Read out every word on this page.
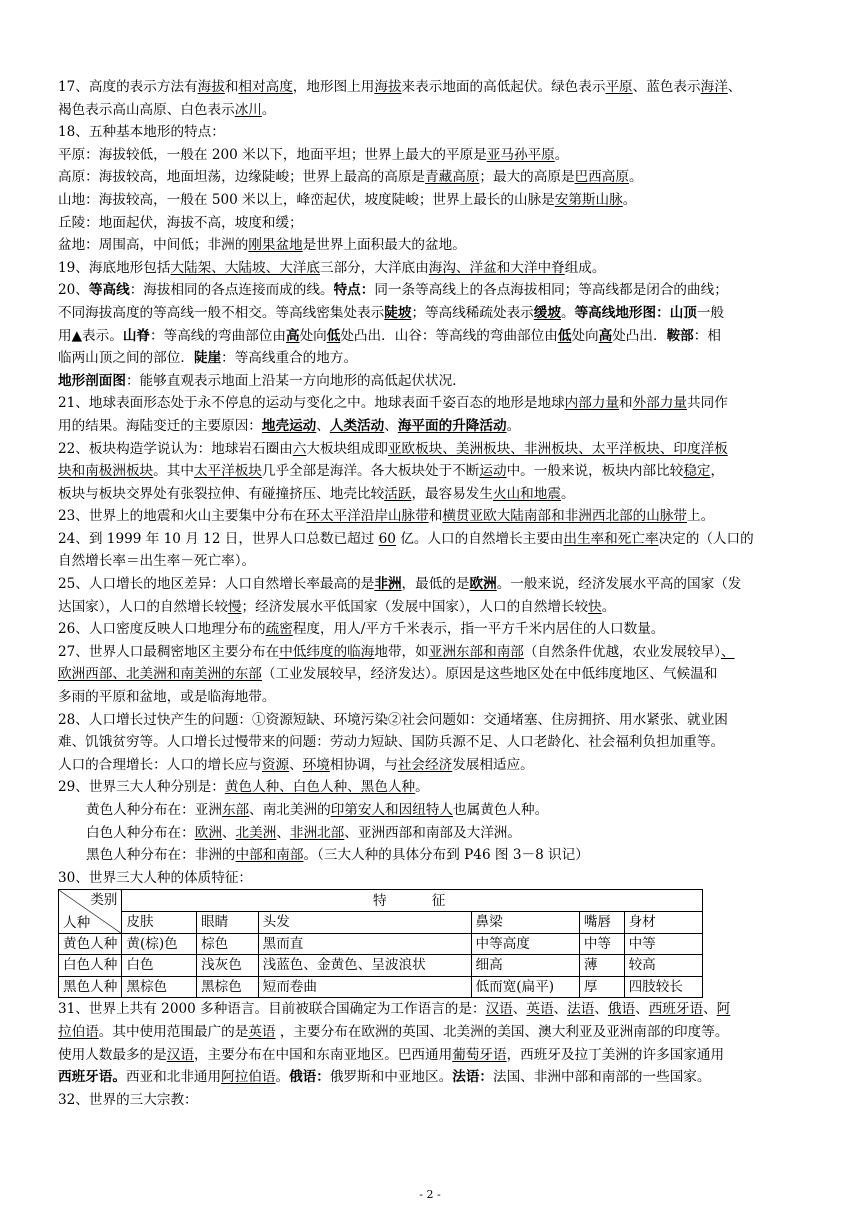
17、高度的表示方法有海拔和相对高度，地形图上用海拔来表示地面的高低起伏。绿色表示平原、蓝色表示海洋、
褐色表示高山高原、白色表示冰川。
18、五种基本地形的特点：
平原：海拔较低，一般在 200 米以下，地面平坦；世界上最大的平原是亚马孙平原。
高原：海拔较高，地面坦荡，边缘陡峻；世界上最高的高原是青藏高原；最大的高原是巴西高原。
山地：海拔较高，一般在 500 米以上，峰峦起伏，坡度陡峻；世界上最长的山脉是安第斯山脉。
丘陵：地面起伏，海拔不高，坡度和缓；
盆地：周围高，中间低；非洲的刚果盆地是世界上面积最大的盆地。
19、海底地形包括大陆架、大陆坡、大洋底三部分，大洋底由海沟、洋盆和大洋中脊组成。
20、等高线：海拔相同的各点连接而成的线。特点：同一条等高线上的各点海拔相同；等高线都是闭合的曲线；
不同海拔高度的等高线一般不相交。等高线密集处表示陡坡；等高线稀疏处表示缓坡。等高线地形图：山顶一般
用▲表示。山脊：等高线的弯曲部位由高处向低处凸出．山谷：等高线的弯曲部位由低处向高处凸出．鞍部：相
临两山顶之间的部位．陡崖：等高线重合的地方。
地形剖面图：能够直观表示地面上沿某一方向地形的高低起伏状况．
21、地球表面形态处于永不停息的运动与变化之中。地球表面千姿百态的地形是地球内部力量和外部力量共同作
用的结果。海陆变迁的主要原因：地壳运动、人类活动、海平面的升降活动。
22、板块构造学说认为：地球岩石圈由六大板块组成即亚欧板块、美洲板块、非洲板块、太平洋板块、印度洋板
块和南极洲板块。其中太平洋板块几乎全部是海洋。各大板块处于不断运动中。一般来说，板块内部比较稳定，
板块与板块交界处有张裂拉伸、有碰撞挤压、地壳比较活跃，最容易发生火山和地震。
23、世界上的地震和火山主要集中分布在环太平洋沿岸山脉带和横贯亚欧大陆南部和非洲西北部的山脉带上。
24、到 1999 年 10 月 12 日，世界人口总数已超过 60 亿。人口的自然增长主要由出生率和死亡率决定的（人口的
自然增长率＝出生率－死亡率）。
25、人口增长的地区差异：人口自然增长率最高的是非洲，最低的是欧洲。一般来说，经济发展水平高的国家（发
达国家），人口的自然增长较慢；经济发展水平低国家（发展中国家），人口的自然增长较快。
26、人口密度反映人口地理分布的疏密程度，用人/平方千米表示，指一平方千米内居住的人口数量。
27、世界人口最稠密地区主要分布在中低纬度的临海地带，如亚洲东部和南部（自然条件优越，农业发展较早）、
欧洲西部、北美洲和南美洲的东部（工业发展较早，经济发达）。原因是这些地区处在中低纬度地区、气候温和
多雨的平原和盆地，或是临海地带。
28、人口增长过快产生的问题：①资源短缺、环境污染②社会问题如：交通堵塞、住房拥挤、用水紧张、就业困
难、饥饿贫穷等。人口增长过慢带来的问题：劳动力短缺、国防兵源不足、人口老龄化、社会福利负担加重等。
人口的合理增长：人口的增长应与资源、环境相协调，与社会经济发展相适应。
29、世界三大人种分别是：黄色人种、白色人种、黑色人种。
黄色人种分布在：亚洲东部、南北美洲的印第安人和因纽特人也属黄色人种。
白色人种分布在：欧洲、北美洲、非洲北部、亚洲西部和南部及大洋洲。
黑色人种分布在：非洲的中部和南部。（三大人种的具体分布到 P46 图 3－8 识记）
30、世界三大人种的体质特征：
类别
人种	特　　征					
	皮肤	眼睛	头发	鼻梁	嘴唇	身材
黄色人种	黄(棕)色	棕色	黑而直	中等高度	中等	中等
白色人种	白色	浅灰色	浅蓝色、金黄色、呈波浪状	细高	薄	较高
黑色人种	黑棕色	黑棕色	短而卷曲	低而宽(扁平)	厚	四肢较长
31、世界上共有 2000 多种语言。目前被联合国确定为工作语言的是：汉语、英语、法语、俄语、西班牙语、阿
拉伯语。其中使用范围最广的是英语 ，主要分布在欧洲的英国、北美洲的美国、澳大利亚及亚洲南部的印度等。
使用人数最多的是汉语，主要分布在中国和东南亚地区。巴西通用葡萄牙语，西班牙及拉丁美洲的许多国家通用
西班牙语。西亚和北非通用阿拉伯语。俄语：俄罗斯和中亚地区。法语：法国、非洲中部和南部的一些国家。
32、世界的三大宗教：
- 2 -
